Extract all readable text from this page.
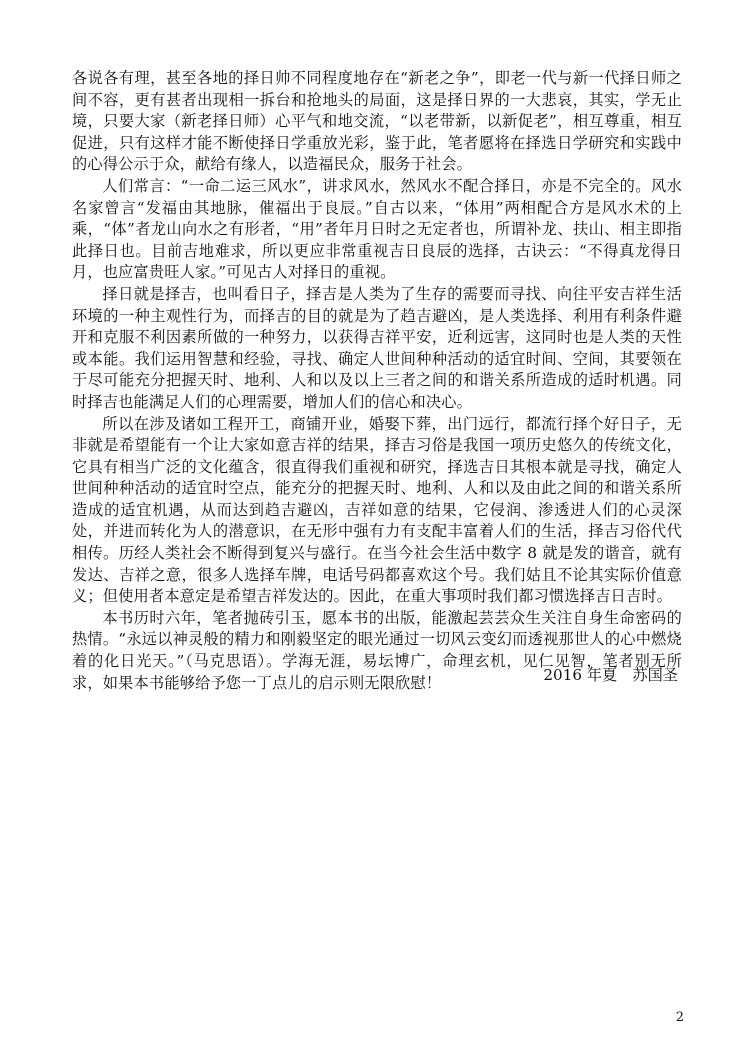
各说各有理，甚至各地的择日帅不同程度地存在“新老之争”，即老一代与新一代择日师之间不容，更有甚者出现相一拆台和抢地头的局面，这是择日界的一大悲哀，其实，学无止境，只要大家（新老择日师）心平气和地交流，“以老带新，以新促老”，相互尊重，相互促进，只有这样才能不断使择日学重放光彩，鉴于此，笔者愿将在择选日学研究和实践中的心得公示于众，献给有缘人，以造福民众，服务于社会。

人们常言：“一命二运三风水”，讲求风水，然风水不配合择日，亦是不完全的。风水名家曾言“发福由其地脉，催福出于良辰。”自古以来，“体用”两相配合方是风水术的上乘，“体”者龙山向水之有形者，“用”者年月日时之无定者也，所谓补龙、扶山、相主即指此择日也。目前吉地难求，所以更应非常重视吉日良辰的选择，古诀云：“不得真龙得日月，也应富贵旺人家。”可见古人对择日的重视。

择日就是择吉，也叫看日子，择吉是人类为了生存的需要而寻找、向往平安吉祥生活环境的一种主观性行为，而择吉的目的就是为了趋吉避凶，是人类选择、利用有利条件避开和克服不利因素所做的一种努力，以获得吉祥平安，近利远害，这同时也是人类的天性或本能。我们运用智慧和经验，寻找、确定人世间种种活动的适宜时间、空间，其要领在于尽可能充分把握天时、地利、人和以及以上三者之间的和谐关系所造成的适时机遇。同时择吉也能满足人们的心理需要，增加人们的信心和决心。

所以在涉及诸如工程开工，商铺开业，婚娶下葬，出门远行，都流行择个好日子，无非就是希望能有一个让大家如意吉祥的结果，择吉习俗是我国一项历史悠久的传统文化，它具有相当广泛的文化蕴含，很直得我们重视和研究，择选吉日其根本就是寻找，确定人世间种种活动的适宜时空点，能充分的把握天时、地利、人和以及由此之间的和谐关系所造成的适宜机遇，从而达到趋吉避凶，吉祥如意的结果，它侵润、渗透进人们的心灵深处，并进而转化为人的潜意识，在无形中强有力有支配丰富着人们的生活，择吉习俗代代相传。历经人类社会不断得到复兴与盛行。在当今社会生活中数字 8 就是发的谐音，就有发达、吉祥之意，很多人选择车牌，电话号码都喜欢这个号。我们姑且不论其实际价值意义；但使用者本意定是希望吉祥发达的。因此，在重大事项时我们都习惯选择吉日吉时。

本书历时六年，笔者抛砖引玉，愿本书的出版，能激起芸芸众生关注自身生命密码的热情。“永远以神灵般的精力和刚毅坚定的眼光通过一切风云变幻而透视那世人的心中燃烧着的化日光天。”（马克思语）。学海无涯，易坛博广，命理玄机，见仁见智，笔者别无所求，如果本书能够给予您一丁点儿的启示则无限欣慰！	2016 年夏　苏国圣
2
